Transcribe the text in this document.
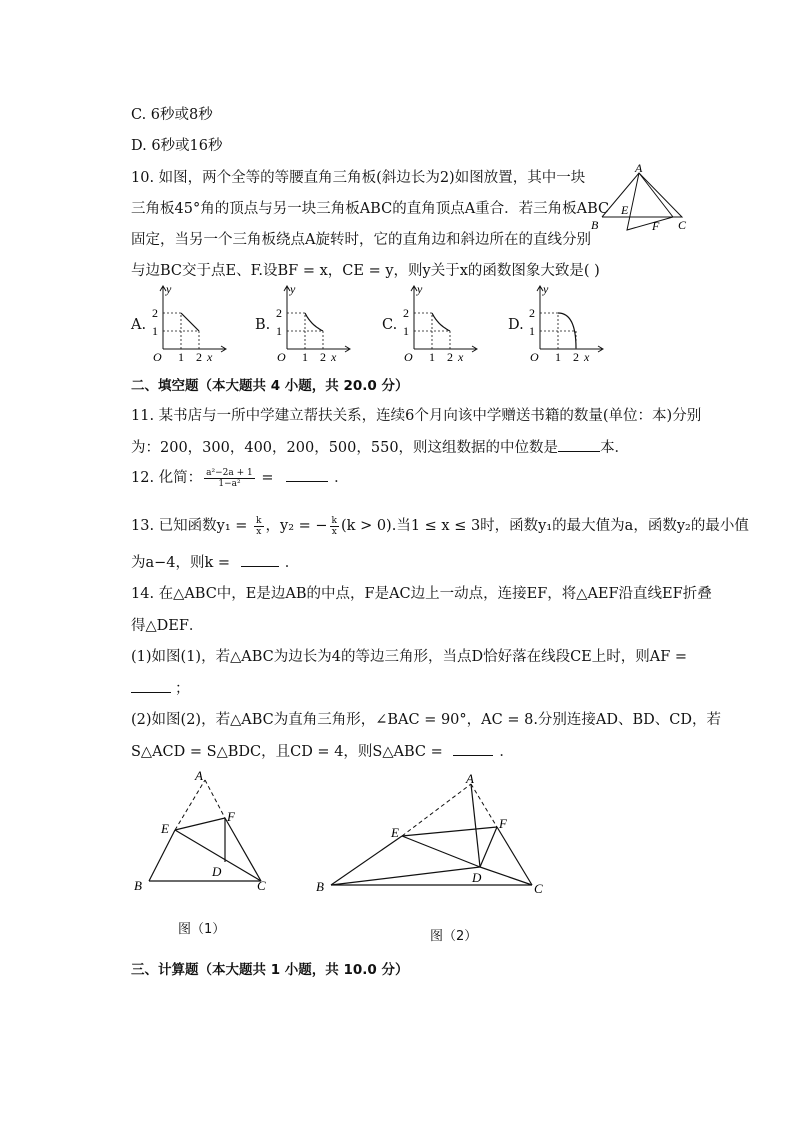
C. 6秒或8秒
D. 6秒或16秒
10. 如图，两个全等的等腰直角三角板(斜边长为2)如图放置，其中一块
三角板45°角的顶点与另一块三角板ABC的直角顶点A重合．若三角板ABC
固定，当另一个三角板绕点A旋转时，它的直角边和斜边所在的直线分别
与边BC交于点E、F.设BF = x，CE = y，则y关于x的函数图象大致是( )
A
B	C
E
F
A.
O 1 2 x
1
2
y
B.
O 1 2 x
1
2
y
C.
O 1 2 x
1
2
y
D.
O 1 2 x
1
2
y
二、填空题（本大题共 4 小题，共 20.0 分）
11. 某书店与一所中学建立帮扶关系，连续6个月向该中学赠送书籍的数量(单位：本)分别
为：200，300，400，200，500，550，则这组数据的中位数是	本．
12. 化简： $\frac{\text{a²−2a + 1}}{\text{1−a²}}$ =	．
13. 已知函数$y_1 = \frac{k}{x}$ ，y₂ = − $\frac{k}{x} (k > 0)$.当1 ≤ x ≤ 3时，函数y₁的最大值为a，函数y₂的最小值
为a−4，则k =	．
14. 在△ABC中，E是边AB的中点，F是AC边上一动点，连接EF，将△AEF沿直线EF折叠
得△DEF．
(1)如图(1)，若△ABC为边长为4的等边三角形，当点D恰好落在线段CE上时，则AF =
；
(2)如图(2)，若△ABC为直角三角形，∠BAC = 90°，AC = 8.分别连接AD、BD、CD，若
S△ACD = S△BDC，且CD = 4，则S△ABC =	．
A
B	C
D
E
F
图（1）
A
B	C
D
E
F
图（2）
三、计算题（本大题共 1 小题，共 10.0 分）
